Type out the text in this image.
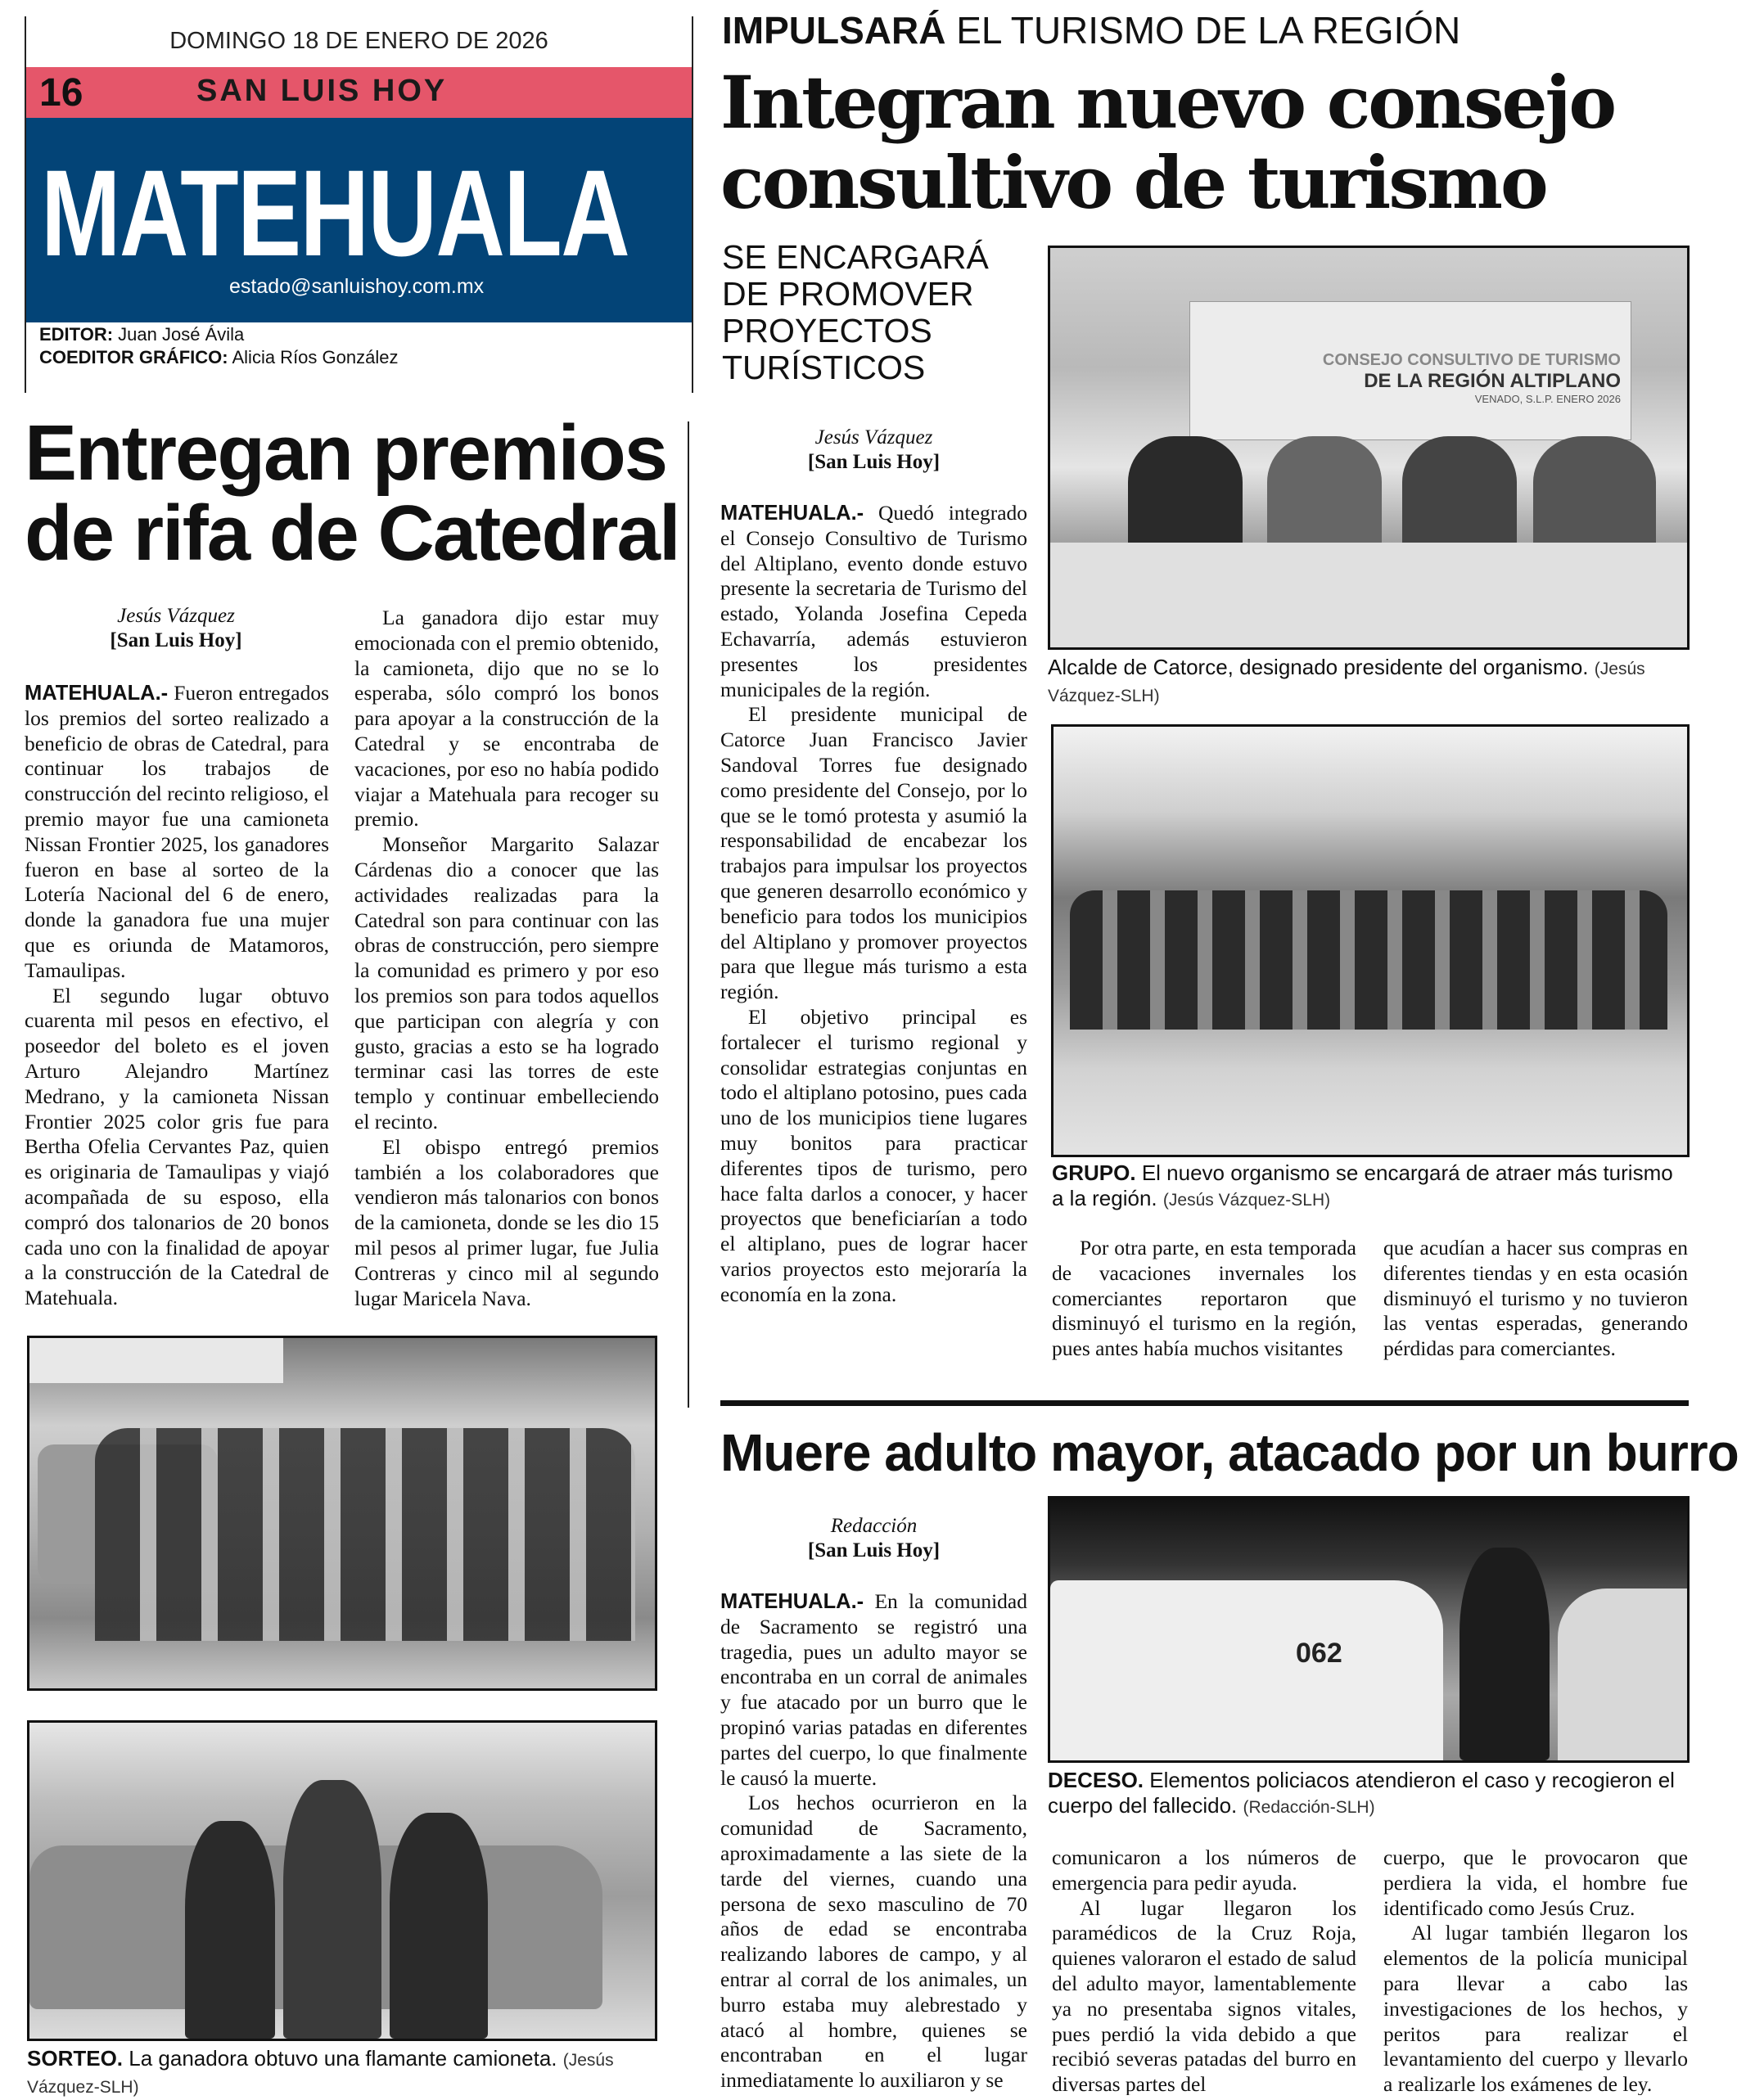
DOMINGO 18 DE ENERO DE 2026
16	SAN LUIS HOY
MATEHUALA
estado@sanluishoy.com.mx
EDITOR: Juan José Ávila
COEDITOR GRÁFICO: Alicia Ríos González
IMPULSARÁ EL TURISMO DE LA REGIÓN
Integran nuevo consejo
consultivo de turismo
SE ENCARGARÁ
DE PROMOVER
PROYECTOS
TURÍSTICOS	CONSEJO CONSULTIVO DE TURISMO
DE LA REGIÓN ALTIPLANO
VENADO, S.L.P. ENERO 2026
Alcalde de Catorce, designado presidente del organismo. (Jesús Vázquez-SLH)
GRUPO. El nuevo organismo se encargará de atraer más turismo a la región. (Jesús Vázquez-SLH)
Jesús Vázquez
[San Luis Hoy]

MATEHUALA.- Quedó integrado el Consejo Consultivo de Turismo del Altiplano, evento donde estuvo presente la secretaria de Turismo del estado, Yolanda Josefina Cepeda Echavarría, además estuvieron presentes los presidentes municipales de la región.

El presidente municipal de Catorce Juan Francisco Javier Sandoval Torres fue designado como presidente del Consejo, por lo que se le tomó protesta y asumió la responsabilidad de encabezar los trabajos para impulsar los proyectos que generen desarrollo económico y beneficio para todos los municipios del Altiplano y promover proyectos para que llegue más turismo a esta región.

El objetivo principal es fortalecer el turismo regional y consolidar estrategias conjuntas en todo el altiplano potosino, pues cada uno de los municipios tiene lugares muy bonitos para practicar diferentes tipos de turismo, pero hace falta darlos a conocer, y hacer proyectos que beneficiarían a todo el altiplano, pues de lograr hacer varios proyectos esto mejoraría la economía en la zona.

Por otra parte, en esta temporada de vacaciones invernales los comerciantes reportaron que disminuyó el turismo en la región, pues antes había muchos visitantes

que acudían a hacer sus compras en diferentes tiendas y en esta ocasión disminuyó el turismo y no tuvieron las ventas esperadas, generando pérdidas para comerciantes.

Entregan premios
de rifa de Catedral
Jesús Vázquez
[San Luis Hoy]

MATEHUALA.- Fueron entregados los premios del sorteo realizado a beneficio de obras de Catedral, para continuar los trabajos de construcción del recinto religioso, el premio mayor fue una camioneta Nissan Frontier 2025, los ganadores fueron en base al sorteo de la Lotería Nacional del 6 de enero, donde la ganadora fue una mujer que es oriunda de Matamoros, Tamaulipas.

El segundo lugar obtuvo cuarenta mil pesos en efectivo, el poseedor del boleto es el joven Arturo Alejandro Martínez Medrano, y la camioneta Nissan Frontier 2025 color gris fue para Bertha Ofelia Cervantes Paz, quien es originaria de Tamaulipas y viajó acompañada de su esposo, ella compró dos talonarios de 20 bonos cada uno con la finalidad de apoyar a la construcción de la Catedral de Matehuala.

La ganadora dijo estar muy emocionada con el premio obtenido, la camioneta, dijo que no se lo esperaba, sólo compró los bonos para apoyar a la construcción de la Catedral y se encontraba de vacaciones, por eso no había podido viajar a Matehuala para recoger su premio.

Monseñor Margarito Salazar Cárdenas dio a conocer que las actividades realizadas para la Catedral son para continuar con las obras de construcción, pero siempre la comunidad es primero y por eso los premios son para todos aquellos que participan con alegría y con gusto, gracias a esto se ha logrado terminar casi las torres de este templo y continuar embelleciendo el recinto.

El obispo entregó premios también a los colaboradores que vendieron más talonarios con bonos de la camioneta, donde se les dio 15 mil pesos al primer lugar, fue Julia Contreras y cinco mil al segundo lugar Maricela Nava.

SORTEO. La ganadora obtuvo una flamante camioneta. (Jesús Vázquez-SLH)
Muere adulto mayor, atacado por un burro
Redacción
[San Luis Hoy]

MATEHUALA.- En la comunidad de Sacramento se registró una tragedia, pues un adulto mayor se encontraba en un corral de animales y fue atacado por un burro que le propinó varias patadas en diferentes partes del cuerpo, lo que finalmente le causó la muerte.

Los hechos ocurrieron en la comunidad de Sacramento, aproximadamente a las siete de la tarde del viernes, cuando una persona de sexo masculino de 70 años de edad se encontraba realizando labores de campo, y al entrar al corral de los animales, un burro estaba muy alebrestado y atacó al hombre, quienes se encontraban en el lugar inmediatamente lo auxiliaron y se

062
DECESO. Elementos policiacos atendieron el caso y recogieron el cuerpo del fallecido. (Redacción-SLH)

comunicaron a los números de emergencia para pedir ayuda.

Al lugar llegaron los paramédicos de la Cruz Roja, quienes valoraron el estado de salud del adulto mayor, lamentablemente ya no presentaba signos vitales, pues perdió la vida debido a que recibió severas patadas del burro en diversas partes del

cuerpo, que le provocaron que perdiera la vida, el hombre fue identificado como Jesús Cruz.

Al lugar también llegaron los elementos de la policía municipal para llevar a cabo las investigaciones de los hechos, y peritos para realizar el levantamiento del cuerpo y llevarlo a realizarle los exámenes de ley.
